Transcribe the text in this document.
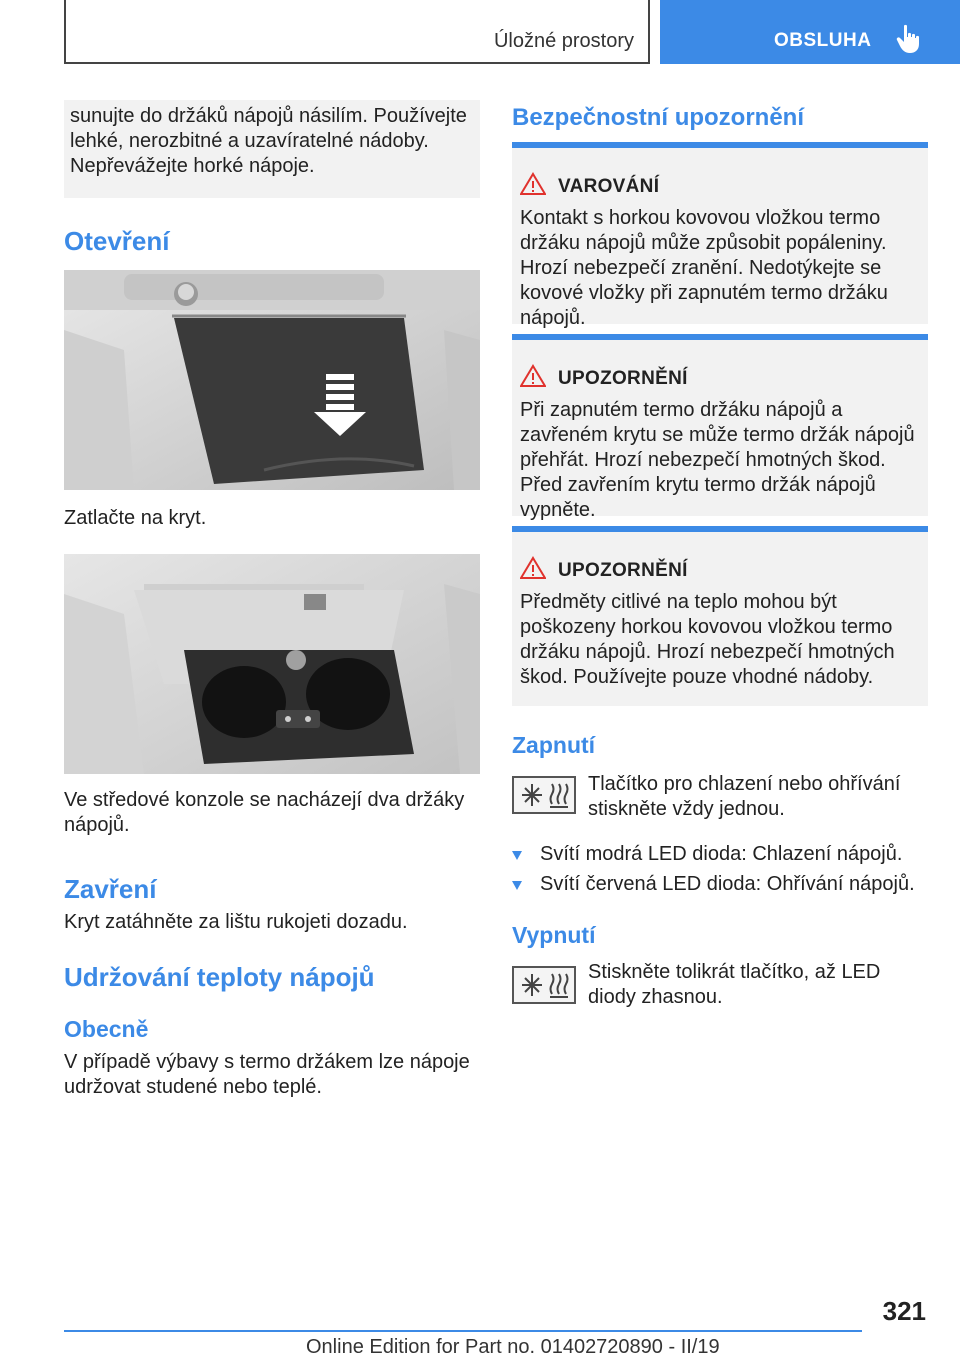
Úložné prostory	OBSLUHA
sunujte do držáků nápojů násilím. Používejte lehké, nerozbitné a uzavíratelné nádoby. Nepřevážejte horké nápoje.
Otevření
Zatlačte na kryt.
Ve středové konzole se nacházejí dva držáky nápojů.
Zavření
Kryt zatáhněte za lištu rukojeti dozadu.
Udržování teploty nápojů
Obecně
V případě výbavy s termo držákem lze nápoje udržovat studené nebo teplé.
Bezpečnostní upozornění
VAROVÁNÍ
Kontakt s horkou kovovou vložkou termo držáku nápojů může způsobit popáleniny. Hrozí nebezpečí zranění. Nedotýkejte se kovové vložky při zapnutém termo držáku nápojů.
UPOZORNĚNÍ
Při zapnutém termo držáku nápojů a zavřeném krytu se může termo držák nápojů přehřát. Hrozí nebezpečí hmotných škod. Před zavřením krytu termo držák nápojů vypněte.
UPOZORNĚNÍ
Předměty citlivé na teplo mohou být poškozeny horkou kovovou vložkou termo držáku nápojů. Hrozí nebezpečí hmotných škod. Používejte pouze vhodné nádoby.
Zapnutí
Tlačítko pro chlazení nebo ohřívání stiskněte vždy jednou.
Svítí modrá LED dioda: Chlazení nápojů.
Svítí červená LED dioda: Ohřívání nápojů.
Vypnutí
Stiskněte tolikrát tlačítko, až LED diody zhasnou.
321
Online Edition for Part no. 01402720890 - II/19
